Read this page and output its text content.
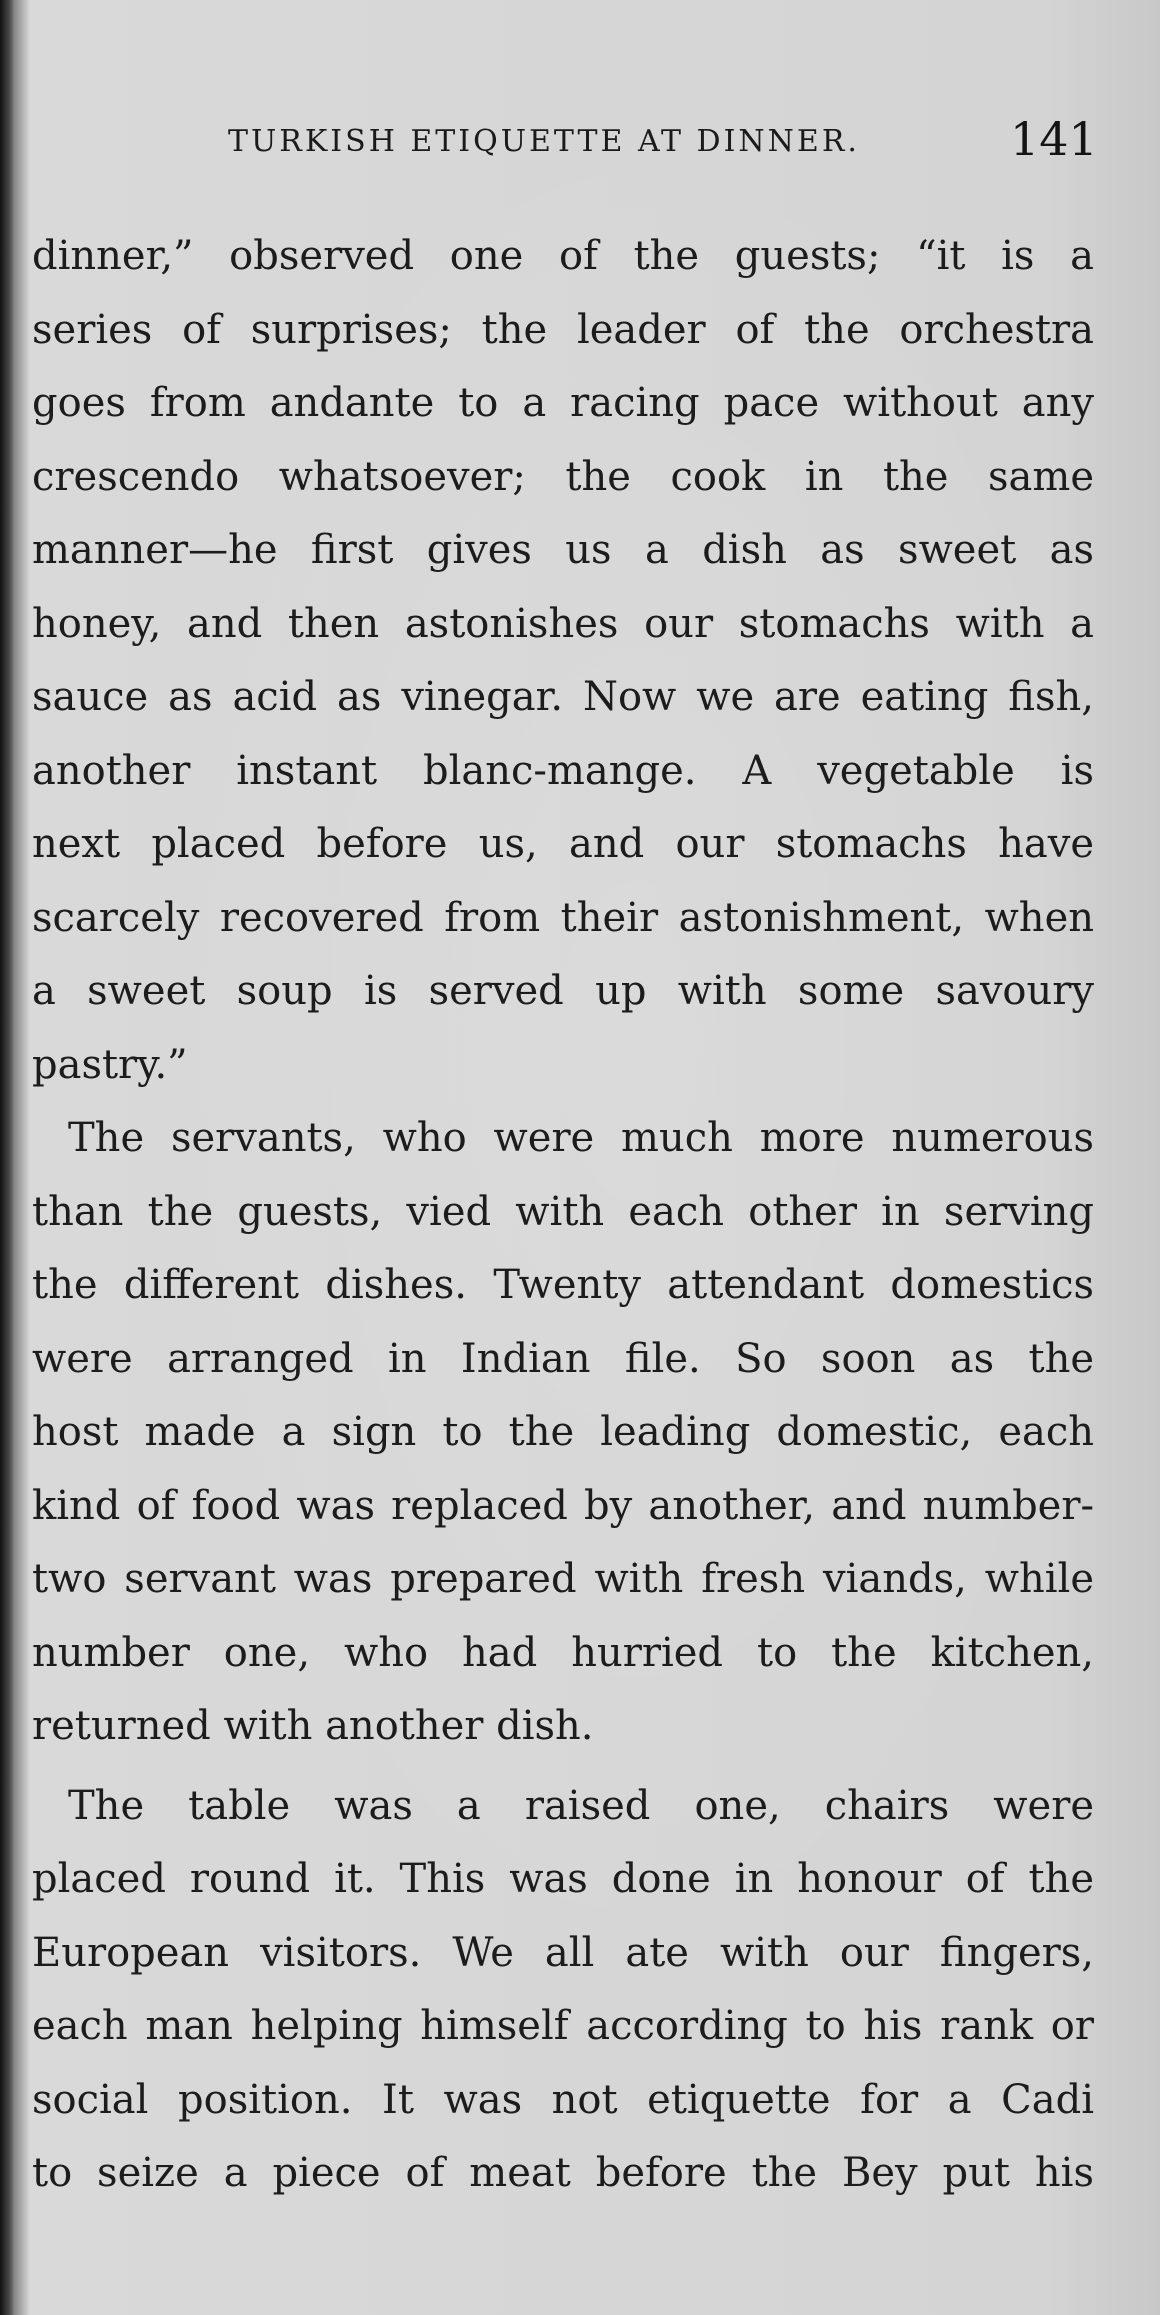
TURKISH ETIQUETTE AT DINNER.	141
dinner,” observed one of the guests; “it is a
series of surprises; the leader of the orchestra
goes from andante to a racing pace without any
crescendo whatsoever; the cook in the same
manner—he first gives us a dish as sweet as
honey, and then astonishes our stomachs with a
sauce as acid as vinegar. Now we are eating fish,
another instant blanc-mange. A vegetable is
next placed before us, and our stomachs have
scarcely recovered from their astonishment, when
a sweet soup is served up with some savoury
pastry.”
The servants, who were much more numerous
than the guests, vied with each other in serving
the different dishes. Twenty attendant domestics
were arranged in Indian file. So soon as the
host made a sign to the leading domestic, each
kind of food was replaced by another, and number-
two servant was prepared with fresh viands, while
number one, who had hurried to the kitchen,
returned with another dish.
The table was a raised one, chairs were
placed round it. This was done in honour of the
European visitors. We all ate with our fingers,
each man helping himself according to his rank or
social position. It was not etiquette for a Cadi
to seize a piece of meat before the Bey put his
